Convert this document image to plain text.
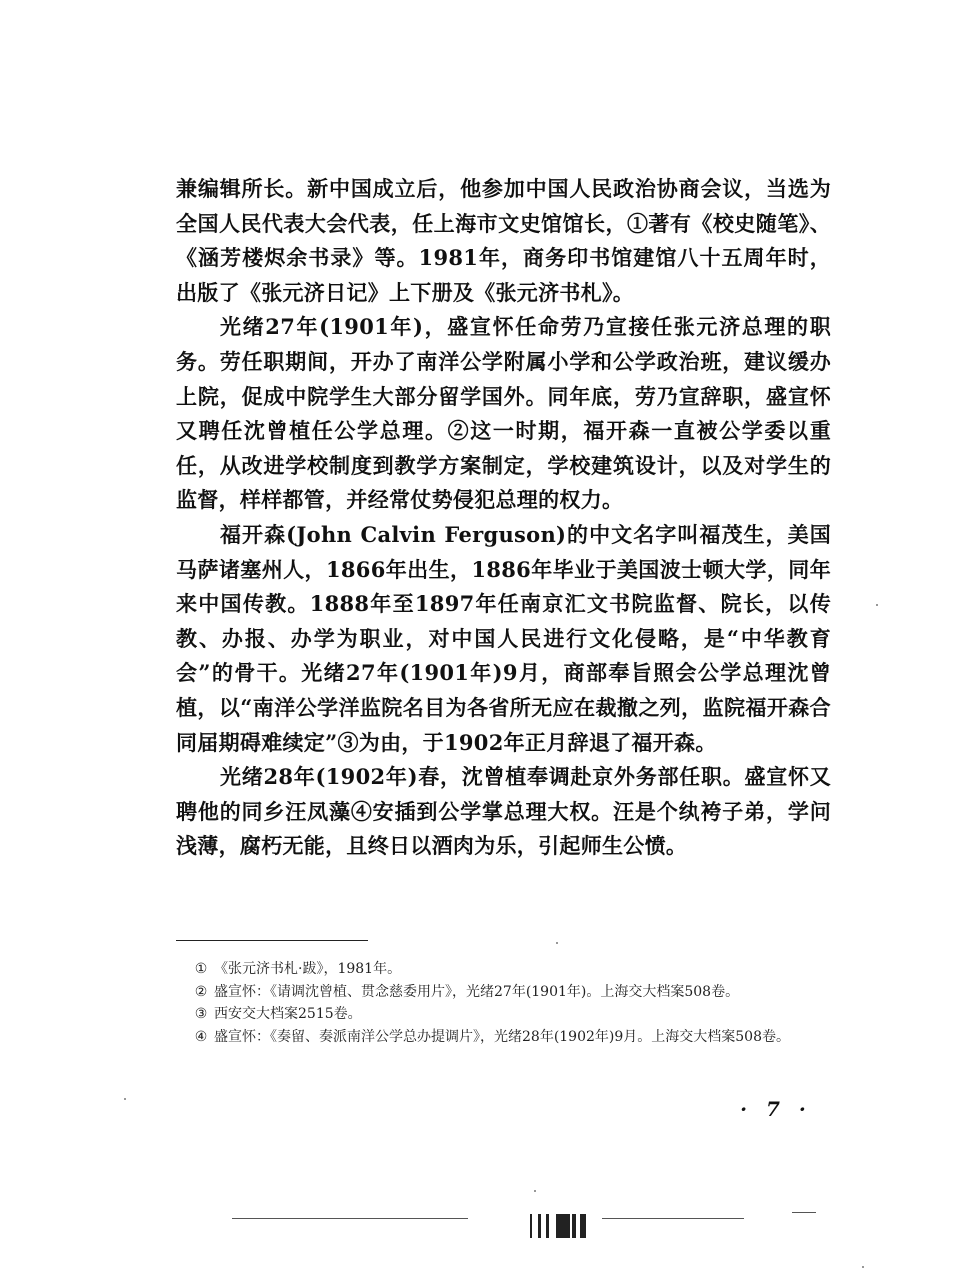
兼编辑所长。新中国成立后，他参加中国人民政治协商会议，当选为全国人民代表大会代表，任上海市文史馆馆长，①著有《校史随笔》、《涵芳楼烬余书录》等。1981年，商务印书馆建馆八十五周年时，出版了《张元济日记》上下册及《张元济书札》。

光绪27年(1901年)，盛宣怀任命劳乃宣接任张元济总理的职务。劳任职期间，开办了南洋公学附属小学和公学政治班，建议缓办上院，促成中院学生大部分留学国外。同年底，劳乃宣辞职，盛宣怀又聘任沈曾植任公学总理。②这一时期，福开森一直被公学委以重任，从改进学校制度到教学方案制定，学校建筑设计，以及对学生的监督，样样都管，并经常仗势侵犯总理的权力。

福开森(John Calvin Ferguson)的中文名字叫福茂生，美国马萨诸塞州人，1866年出生，1886年毕业于美国波士顿大学，同年来中国传教。1888年至1897年任南京汇文书院监督、院长，以传教、办报、办学为职业，对中国人民进行文化侵略，是“中华教育会”的骨干。光绪27年(1901年)9月，商部奉旨照会公学总理沈曾植，以“南洋公学洋监院名目为各省所无应在裁撤之列，监院福开森合同届期碍难续定”③为由，于1902年正月辞退了福开森。

光绪28年(1902年)春，沈曾植奉调赴京外务部任职。盛宣怀又聘他的同乡汪凤藻④安插到公学掌总理大权。汪是个纨袴子弟，学问浅薄，腐朽无能，且终日以酒肉为乐，引起师生公愤。

① 《张元济书札·跋》，1981年。

② 盛宣怀：《请调沈曾植、贯念慈委用片》，光绪27年(1901年)。上海交大档案508卷。

③ 西安交大档案2515卷。

④ 盛宣怀：《奏留、奏派南洋公学总办提调片》，光绪28年(1902年)9月。上海交大档案508卷。

· 7 ·
